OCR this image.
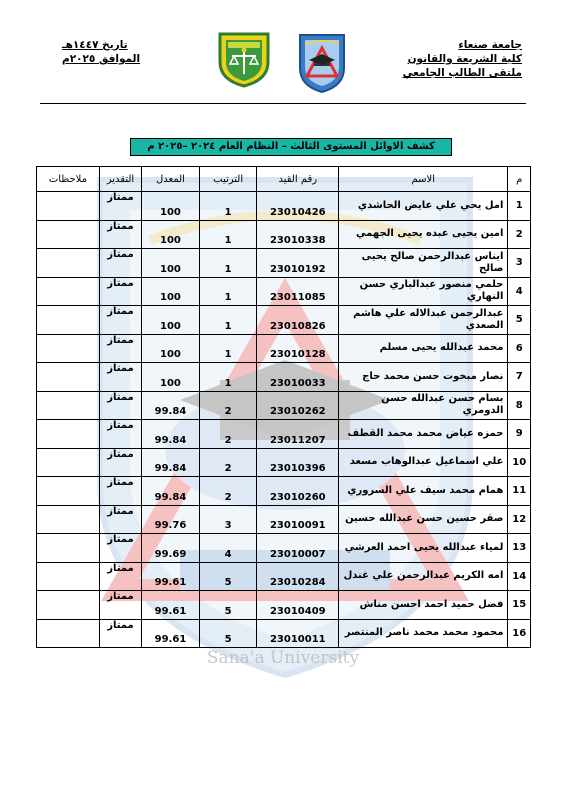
Sana'a University
جامعة صنعاء
كلية الشريعة والقانون
ملتقى الطالب الجامعي
تاريخ ١٤٤٧هـ
الموافق ٢٠٢٥م
كشف الاوائل المستوى الثالث – النظام العام ٢٠٢٤ –٢٠٢٥ م
م	الاسم	رقم القيد	الترتيب	المعدل	التقدير	ملاحظات
1	امل يحي علي عايض الحاشدي	23010426	1	100	ممتاز	
2	امين يحيى عبده يحيى الجهمي	23010338	1	100	ممتاز	
3	ايناس عبدالرحمن صالح يحيى صالح	23010192	1	100	ممتاز	
4	حلمي منصور عبدالباري حسن النهاري	23011085	1	100	ممتاز	
5	عبدالرحمن عبدالاله علي هاشم الصعدي	23010826	1	100	ممتاز	
6	محمد عبدالله يحيى مسلم	23010128	1	100	ممتاز	
7	نصار مبخوت حسن محمد حاج	23010033	1	100	ممتاز	
8	بسام حسن عبدالله حسن الدومري	23010262	2	99.84	ممتاز	
9	حمزه عياض محمد محمد القطف	23011207	2	99.84	ممتاز	
10	علي اسماعيل عبدالوهاب مسعد	23010396	2	99.84	ممتاز	
11	همام محمد سيف علي السروري	23010260	2	99.84	ممتاز	
12	صقر حسين حسن عبدالله حسين	23010091	3	99.76	ممتاز	
13	لمياء عبدالله يحيى احمد العرشي	23010007	4	99.69	ممتاز	
14	امه الكريم عبدالرحمن علي غندل	23010284	5	99.61	ممتاز	
15	فضل حميد احمد احسن مناش	23010409	5	99.61	ممتاز	
16	محمود محمد محمد ناصر المنتصر	23010011	5	99.61	ممتاز	
